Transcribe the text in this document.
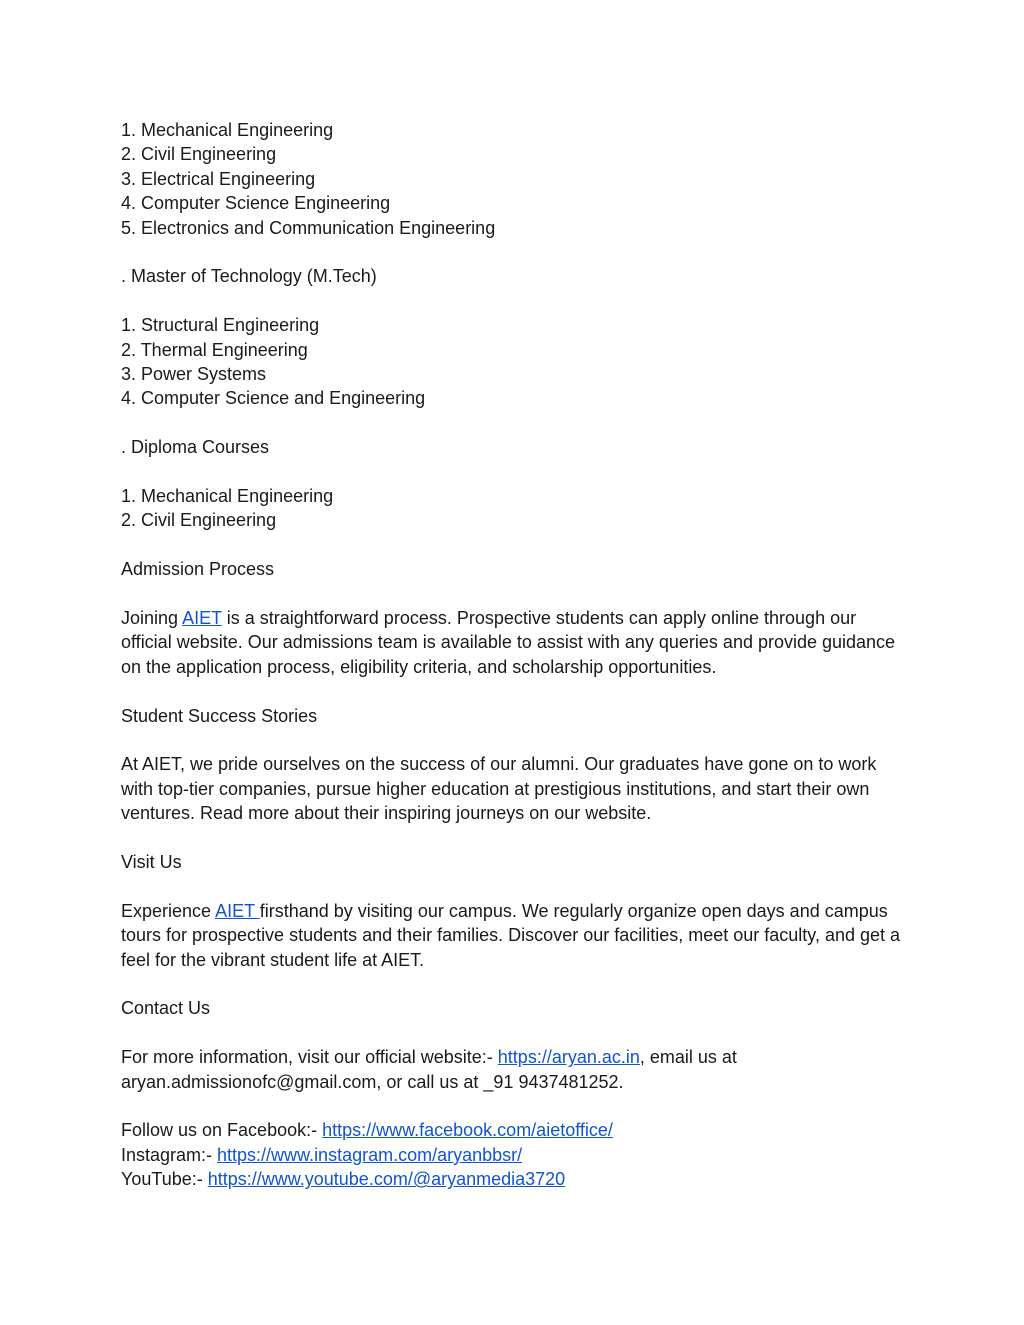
1. Mechanical Engineering

2. Civil Engineering

3. Electrical Engineering

4. Computer Science Engineering

5. Electronics and Communication Engineering

. Master of Technology (M.Tech)

1. Structural Engineering

2. Thermal Engineering

3. Power Systems

4. Computer Science and Engineering

. Diploma Courses

1. Mechanical Engineering

2. Civil Engineering

Admission Process

Joining AIET is a straightforward process. Prospective students can apply online through our official website. Our admissions team is available to assist with any queries and provide guidance on the application process, eligibility criteria, and scholarship opportunities.

Student Success Stories

At AIET, we pride ourselves on the success of our alumni. Our graduates have gone on to work with top-tier companies, pursue higher education at prestigious institutions, and start their own ventures. Read more about their inspiring journeys on our website.

Visit Us

Experience AIET firsthand by visiting our campus. We regularly organize open days and campus tours for prospective students and their families. Discover our facilities, meet our faculty, and get a feel for the vibrant student life at AIET.

Contact Us

For more information, visit our official website:- https://aryan.ac.in, email us at aryan.admissionofc@gmail.com, or call us at _91 9437481252.

Follow us on Facebook:- https://www.facebook.com/aietoffice/

Instagram:- https://www.instagram.com/aryanbbsr/

YouTube:- https://www.youtube.com/@aryanmedia3720
